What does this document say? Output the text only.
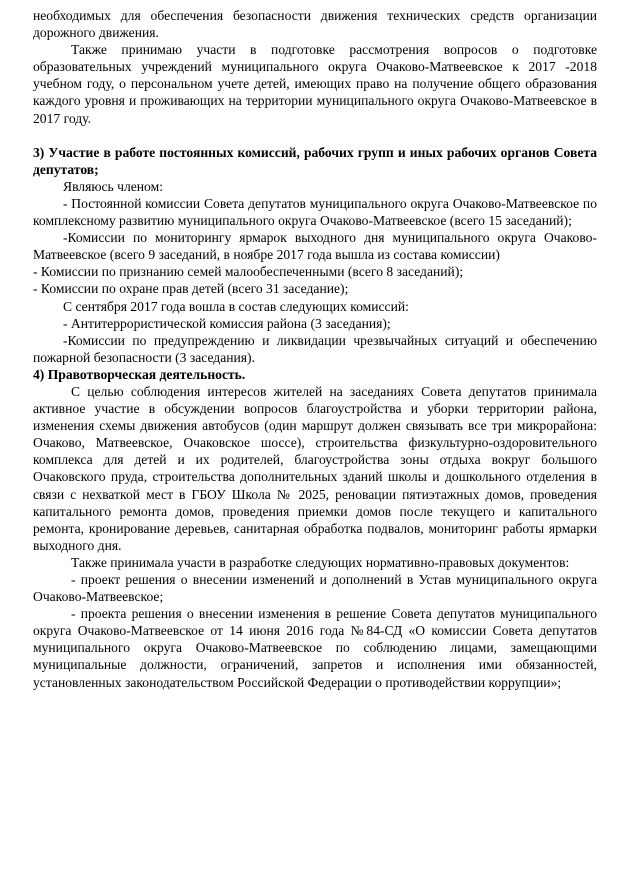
необходимых для обеспечения безопасности движения технических средств организации дорожного движения.

Также принимаю участи в подготовке рассмотрения вопросов о подготовке образовательных учреждений муниципального округа Очаково-Матвеевское к 2017 -2018 учебном году, о персональном учете детей, имеющих право на получение общего образования каждого уровня и проживающих на территории муниципального округа Очаково-Матвеевское в 2017 году.

3) Участие в работе постоянных комиссий, рабочих групп и иных рабочих органов Совета депутатов;

Являюсь членом:

- Постоянной комиссии Совета депутатов муниципального округа Очаково-Матвеевское по комплексному развитию муниципального округа Очаково-Матвеевское (всего 15 заседаний);

-Комиссии по мониторингу ярмарок выходного дня муниципального округа Очаково-Матвеевское (всего 9 заседаний, в ноябре 2017 года вышла из состава комиссии)

- Комиссии по признанию семей малообеспеченными (всего 8 заседаний);

- Комиссии по охране прав детей (всего 31 заседание);

С сентября 2017 года вошла в состав следующих комиссий:

- Антитеррористической комиссия района (3 заседания);

-Комиссии по предупреждению и ликвидации чрезвычайных ситуаций и обеспечению пожарной безопасности (3 заседания).

4) Правотворческая деятельность.

С целью соблюдения интересов жителей на заседаниях Совета депутатов принимала активное участие в обсуждении вопросов благоустройства и уборки территории района, изменения схемы движения автобусов (один маршрут должен связывать все три микрорайона: Очаково, Матвеевское, Очаковское шоссе), строительства физкультурно-оздоровительного комплекса для детей и их родителей, благоустройства зоны отдыха вокруг большого Очаковского пруда, строительства дополнительных зданий школы и дошкольного отделения в связи с нехваткой мест в ГБОУ Школа № 2025, реновации пятиэтажных домов, проведения капитального ремонта домов, проведения приемки домов после текущего и капитального ремонта, кронирование деревьев, санитарная обработка подвалов, мониторинг работы ярмарки выходного дня.

Также принимала участи в разработке следующих нормативно-правовых документов:

- проект решения о внесении изменений и дополнений в Устав муниципального округа Очаково-Матвеевское;

- проекта решения о внесении изменения в решение Совета депутатов муниципального округа Очаково-Матвеевское от 14 июня 2016 года №84-СД «О комиссии Совета депутатов муниципального округа Очаково-Матвеевское по соблюдению лицами, замещающими муниципальные должности, ограничений, запретов и исполнения ими обязанностей, установленных законодательством Российской Федерации о противодействии коррупции»;
